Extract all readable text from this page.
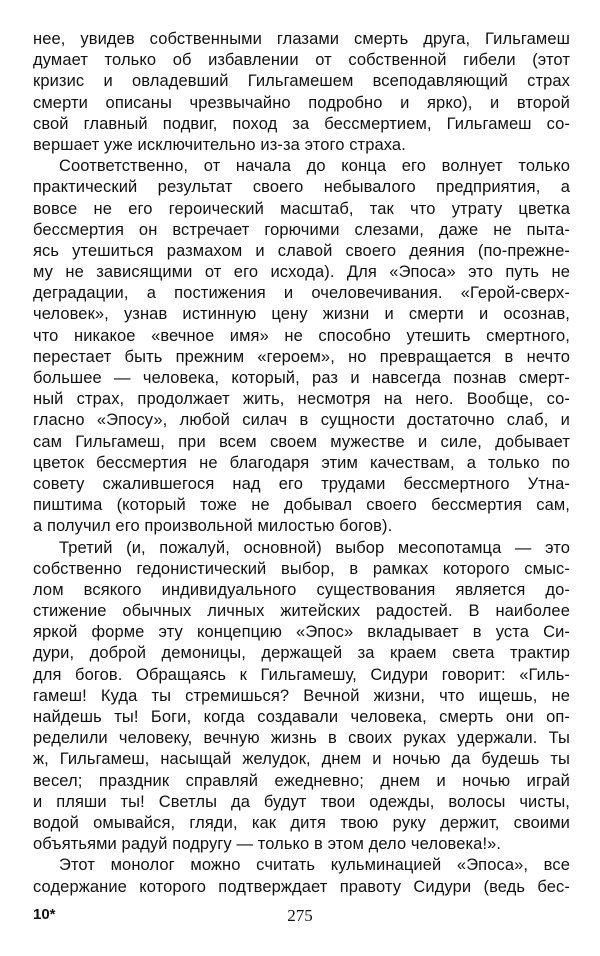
нее, увидев собственными глазами смерть друга, Гильгамеш
думает только об избавлении от собственной гибели (этот
кризис и овладевший Гильгамешем всеподавляющий страх
смерти описаны чрезвычайно подробно и ярко), и второй
свой главный подвиг, поход за бессмертием, Гильгамеш со-
вершает уже исключительно из-за этого страха.
Соответственно, от начала до конца его волнует только
практический результат своего небывалого предприятия, а
вовсе не его героический масштаб, так что утрату цветка
бессмертия он встречает горючими слезами, даже не пыта-
ясь утешиться размахом и славой своего деяния (по-прежне-
му не зависящими от его исхода). Для «Эпоса» это путь не
деградации, а постижения и очеловечивания. «Герой-сверх-
человек», узнав истинную цену жизни и смерти и осознав,
что никакое «вечное имя» не способно утешить смертного,
перестает быть прежним «героем», но превращается в нечто
большее — человека, который, раз и навсегда познав смерт-
ный страх, продолжает жить, несмотря на него. Вообще, со-
гласно «Эпосу», любой силач в сущности достаточно слаб, и
сам Гильгамеш, при всем своем мужестве и силе, добывает
цветок бессмертия не благодаря этим качествам, а только по
совету сжалившегося над его трудами бессмертного Утна-
пиштима (который тоже не добывал своего бессмертия сам,
а получил его произвольной милостью богов).
Третий (и, пожалуй, основной) выбор месопотамца — это
собственно гедонистический выбор, в рамках которого смыс-
лом всякого индивидуального существования является до-
стижение обычных личных житейских радостей. В наиболее
яркой форме эту концепцию «Эпос» вкладывает в уста Си-
дури, доброй демоницы, держащей за краем света трактир
для богов. Обращаясь к Гильгамешу, Сидури говорит: «Гиль-
гамеш! Куда ты стремишься? Вечной жизни, что ищешь, не
найдешь ты! Боги, когда создавали человека, смерть они оп-
ределили человеку, вечную жизнь в своих руках удержали. Ты
ж, Гильгамеш, насыщай желудок, днем и ночью да будешь ты
весел; праздник справляй ежедневно; днем и ночью играй
и пляши ты! Светлы да будут твои одежды, волосы чисты,
водой омывайся, гляди, как дитя твою руку держит, своими
объятьями радуй подругу — только в этом дело человека!».
Этот монолог можно считать кульминацией «Эпоса», все
содержание которого подтверждает правоту Сидури (ведь бес-
10*	275
